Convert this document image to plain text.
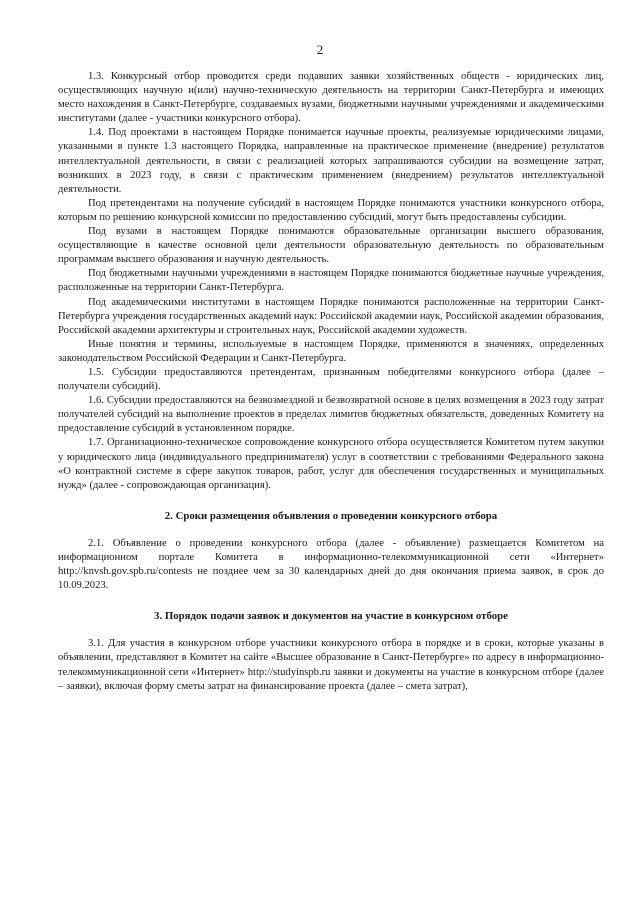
2

1.3. Конкурсный отбор проводится среди подавших заявки хозяйственных обществ - юридических лиц, осуществляющих научную и(или) научно-техническую деятельность на территории Санкт-Петербурга и имеющих место нахождения в Санкт-Петербурге, создаваемых вузами, бюджетными научными учреждениями и академическими институтами (далее - участники конкурсного отбора).

1.4. Под проектами в настоящем Порядке понимается научные проекты, реализуемые юридическими лицами, указанными в пункте 1.3 настоящего Порядка, направленные на практическое применение (внедрение) результатов интеллектуальной деятельности, в связи с реализацией которых запрашиваются субсидии на возмещение затрат, возникших в 2023 году, в связи с практическим применением (внедрением) результатов интеллектуальной деятельности.

Под претендентами на получение субсидий в настоящем Порядке понимаются участники конкурсного отбора, которым по решению конкурсной комиссии по предоставлению субсидий, могут быть предоставлены субсидии.

Под вузами в настоящем Порядке понимаются образовательные организации высшего образования, осуществляющие в качестве основной цели деятельности образовательную деятельность по образовательным программам высшего образования и научную деятельность.

Под бюджетными научными учреждениями в настоящем Порядке понимаются бюджетные научные учреждения, расположенные на территории Санкт-Петербурга.

Под академическими институтами в настоящем Порядке понимаются расположенные на территории Санкт-Петербурга учреждения государственных академий наук: Российской академии наук, Российской академии образования, Российской академии архитектуры и строительных наук, Российской академии художеств.

Иные понятия и термины, используемые в настоящем Порядке, применяются в значениях, определенных законодательством Российской Федерации и Санкт-Петербурга.

1.5. Субсидии предоставляются претендентам, признанным победителями конкурсного отбора (далее – получатели субсидий).

1.6. Субсидии предоставляются на безвозмездной и безвозвратной основе в целях возмещения в 2023 году затрат получателей субсидий на выполнение проектов в пределах лимитов бюджетных обязательств, доведенных Комитету на предоставление субсидий в установленном порядке.

1.7. Организационно-техническое сопровождение конкурсного отбора осуществляется Комитетом путем закупки у юридического лица (индивидуального предпринимателя) услуг в соответствии с требованиями Федерального закона «О контрактной системе в сфере закупок товаров, работ, услуг для обеспечения государственных и муниципальных нужд» (далее - сопровождающая организация).

2. Сроки размещения объявления о проведении конкурсного отбора

2.1. Объявление о проведении конкурсного отбора (далее - объявление) размещается Комитетом на информационном портале Комитета в информационно-телекоммуникационной сети «Интернет» http://knvsh.gov.spb.ru/contests не позднее чем за 30 календарных дней до дня окончания приема заявок, в срок до 10.09.2023.

3. Порядок подачи заявок и документов на участие в конкурсном отборе

3.1. Для участия в конкурсном отборе участники конкурсного отбора в порядке и в сроки, которые указаны в объявлении, представляют в Комитет на сайте «Высшее образование в Санкт-Петербурге» по адресу в информационно-телекоммуникационной сети «Интернет» http://studyinspb.ru заявки и документы на участие в конкурсном отборе (далее – заявки), включая форму сметы затрат на финансирование проекта (далее – смета затрат),
